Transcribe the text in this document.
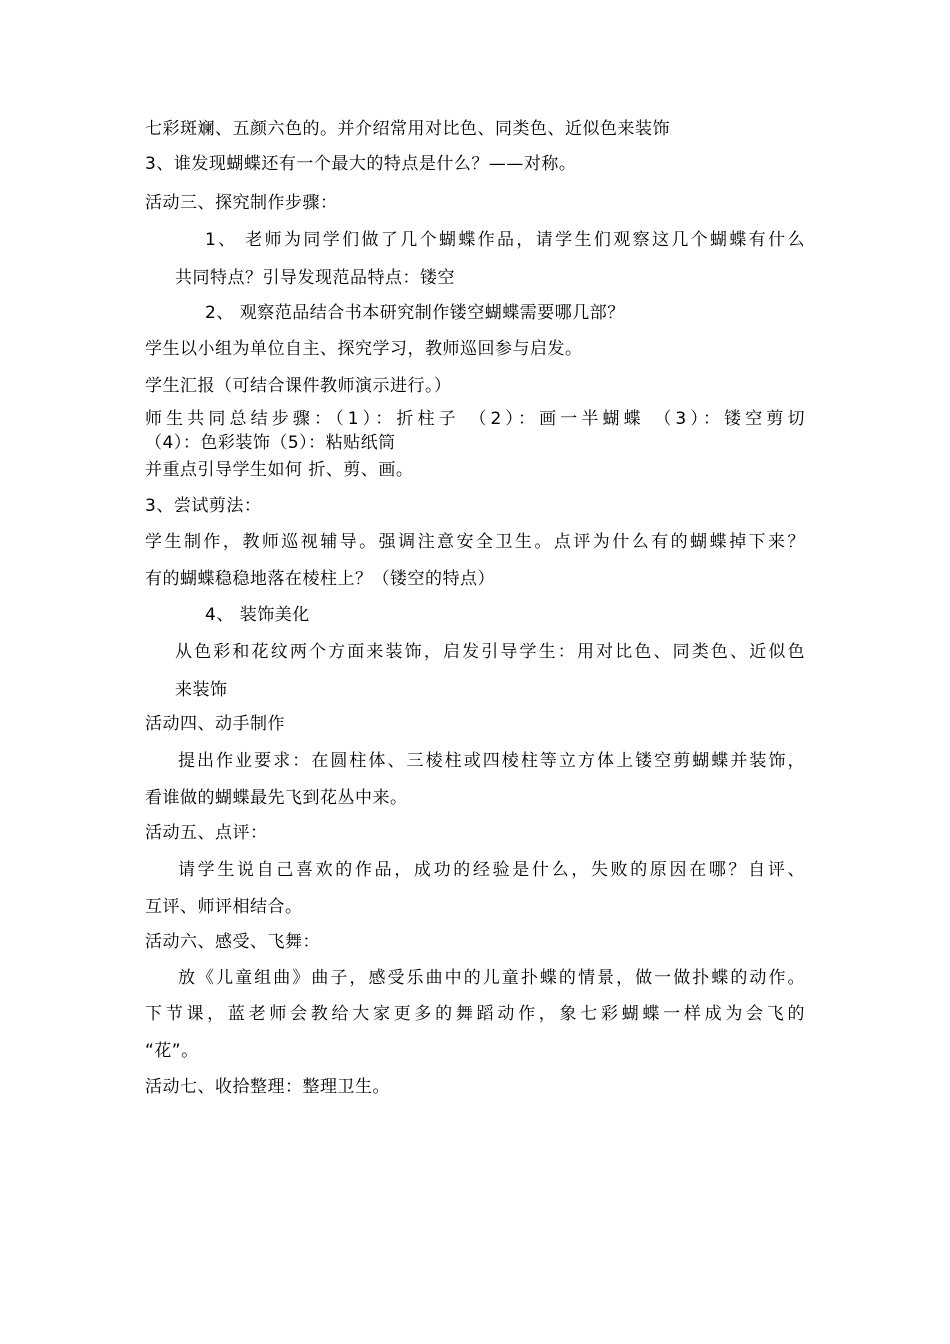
七彩斑斓、五颜六色的。并介绍常用对比色、同类色、近似色来装饰
3、谁发现蝴蝶还有一个最大的特点是什么？——对称。
活动三、探究制作步骤：
1、 老师为同学们做了几个蝴蝶作品，请学生们观察这几个蝴蝶有什么
共同特点？引导发现范品特点：镂空
2、 观察范品结合书本研究制作镂空蝴蝶需要哪几部？
学生以小组为单位自主、探究学习，教师巡回参与启发。
学生汇报（可结合课件教师演示进行。）
师生共同总结步骤：（1）：折柱子 （2）：画一半蝴蝶 （3）：镂空剪切
（4）：色彩装饰（5）：粘贴纸筒
并重点引导学生如何 折、剪、画。
3、尝试剪法：
学生制作，教师巡视辅导。强调注意安全卫生。点评为什么有的蝴蝶掉下来？
有的蝴蝶稳稳地落在棱柱上？（镂空的特点）
4、 装饰美化
从色彩和花纹两个方面来装饰，启发引导学生：用对比色、同类色、近似色
来装饰
活动四、动手制作
提出作业要求：在圆柱体、三棱柱或四棱柱等立方体上镂空剪蝴蝶并装饰，
看谁做的蝴蝶最先飞到花丛中来。
活动五、点评：
请学生说自己喜欢的作品，成功的经验是什么，失败的原因在哪？自评、
互评、师评相结合。
活动六、感受、飞舞：
放《儿童组曲》曲子，感受乐曲中的儿童扑蝶的情景，做一做扑蝶的动作。
下节课，蓝老师会教给大家更多的舞蹈动作，象七彩蝴蝶一样成为会飞的
“花”。
活动七、收拾整理：整理卫生。
